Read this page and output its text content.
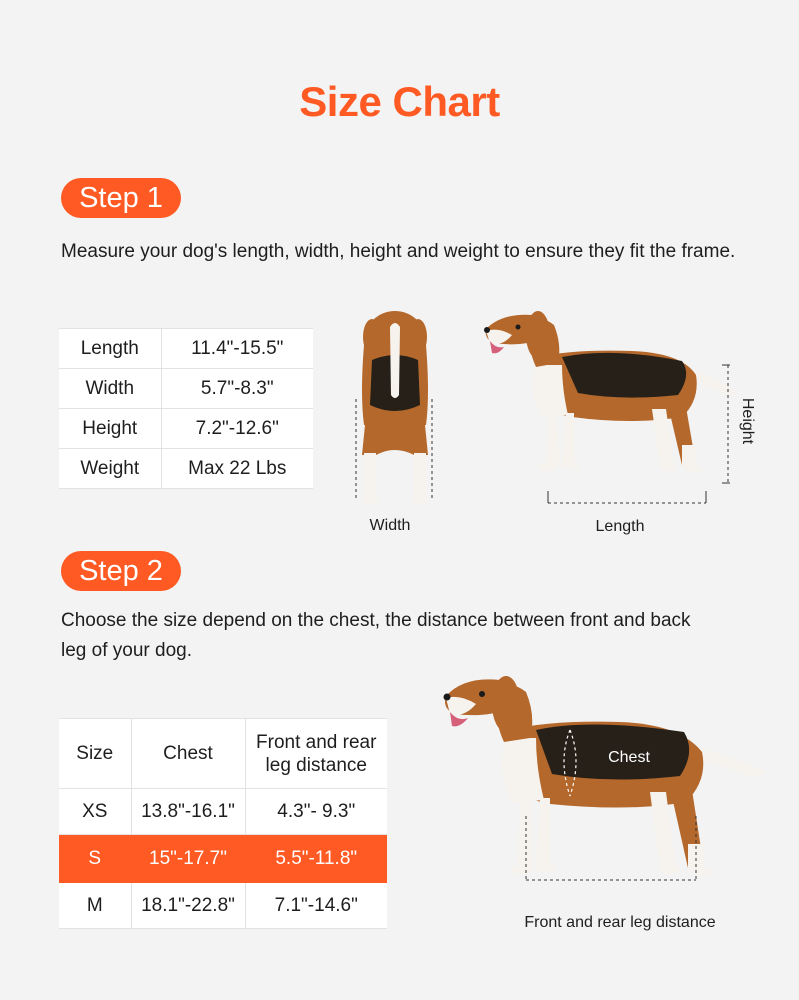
Size Chart
Step 1
Measure your dog's length, width, height and weight to ensure they fit the frame.
Length	11.4"-15.5"
Width	5.7"-8.3"
Height	7.2"-12.6"
Weight	Max 22 Lbs
Width
Height
Length
Step 2
Choose the size depend on the chest, the distance between front and back
leg of your dog.
Size	Chest	Front and rear
leg distance

XS	13.8"-16.1"	4.3"- 9.3"
S	15"-17.7"	5.5"-11.8"
M	18.1"-22.8"	7.1"-14.6"
Chest
Front and rear leg distance
